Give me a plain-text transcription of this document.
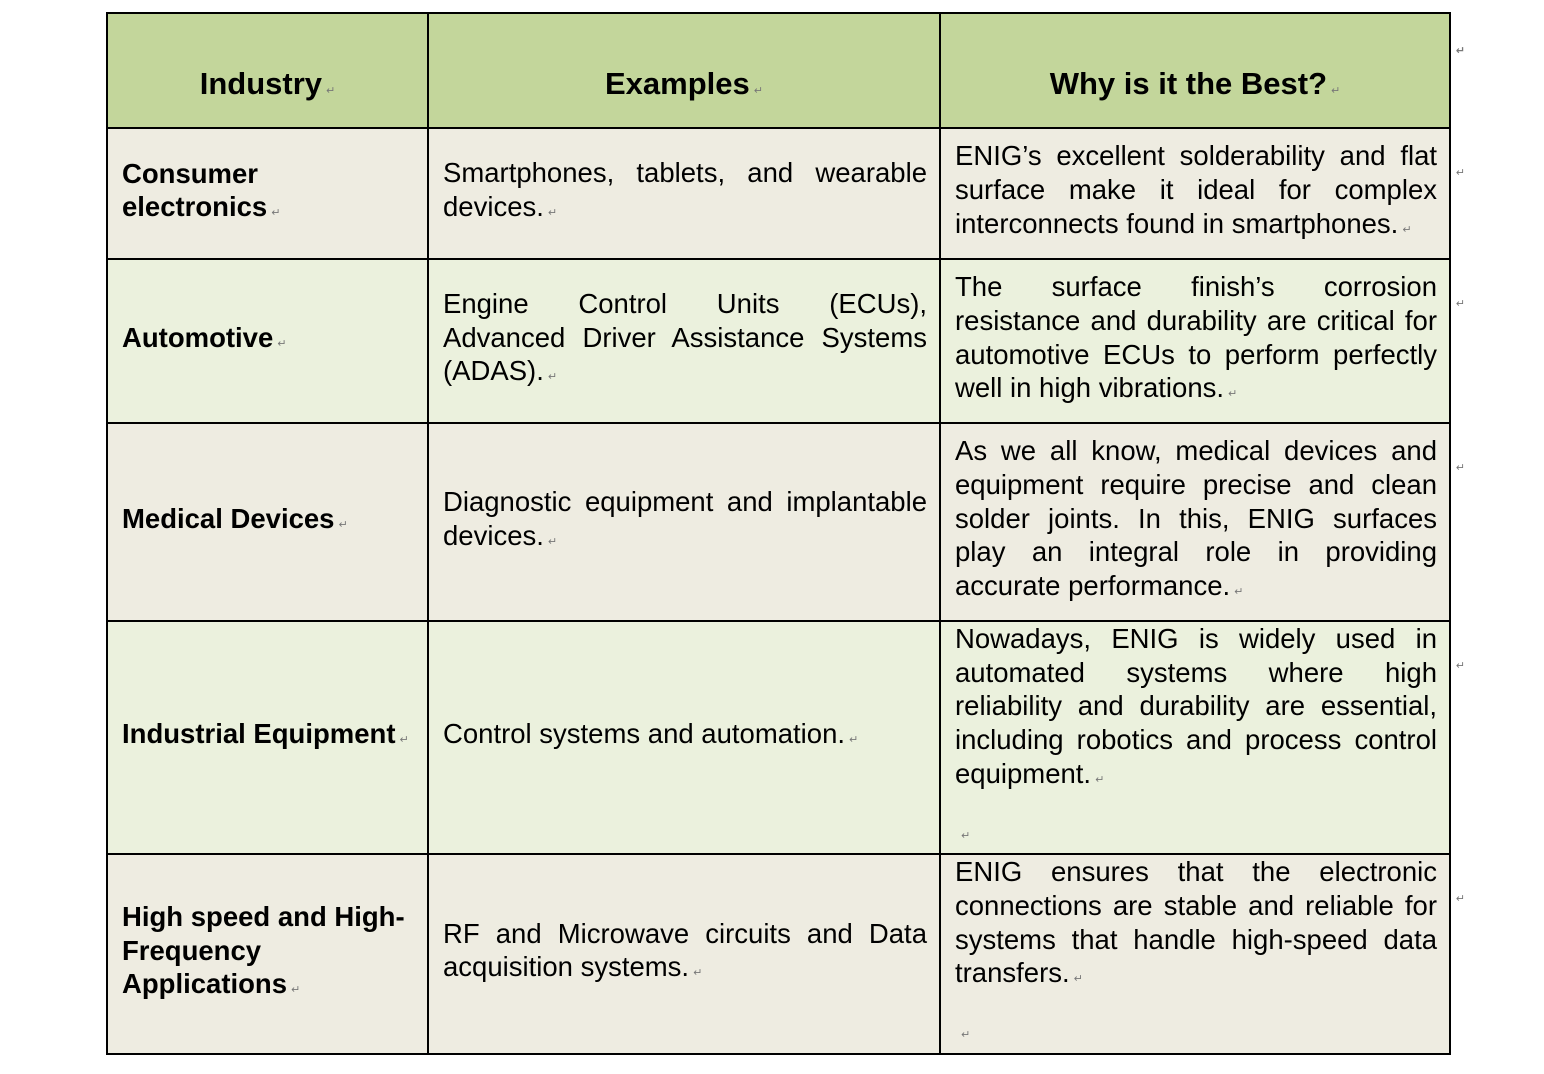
Industry ↵	Examples ↵	Why is it the Best? ↵
↵

Consumer electronics ↵	Smartphones, tablets, and wearable devices. ↵	ENIG’s excellent solderability and flat surface make it ideal for complex interconnects found in smartphones. ↵
↵

Automotive ↵	Engine Control Units (ECUs), Advanced Driver Assistance Systems (ADAS). ↵	The surface finish’s corrosion resistance and durability are critical for automotive ECUs to perform perfectly well in high vibrations. ↵
↵

Medical Devices ↵	Diagnostic equipment and implantable devices. ↵	As we all know, medical devices and equipment require precise and clean solder joints. In this, ENIG surfaces play an integral role in providing accurate performance. ↵
↵

Industrial Equipment ↵	Control systems and automation. ↵	Nowadays, ENIG is widely used in automated systems where high reliability and durability are essential, including robotics and process control equipment. ↵
↵
↵

High speed and High-Frequency Applications ↵	RF and Microwave circuits and Data acquisition systems. ↵	ENIG ensures that the electronic connections are stable and reliable for systems that handle high-speed data transfers. ↵
↵
↵
